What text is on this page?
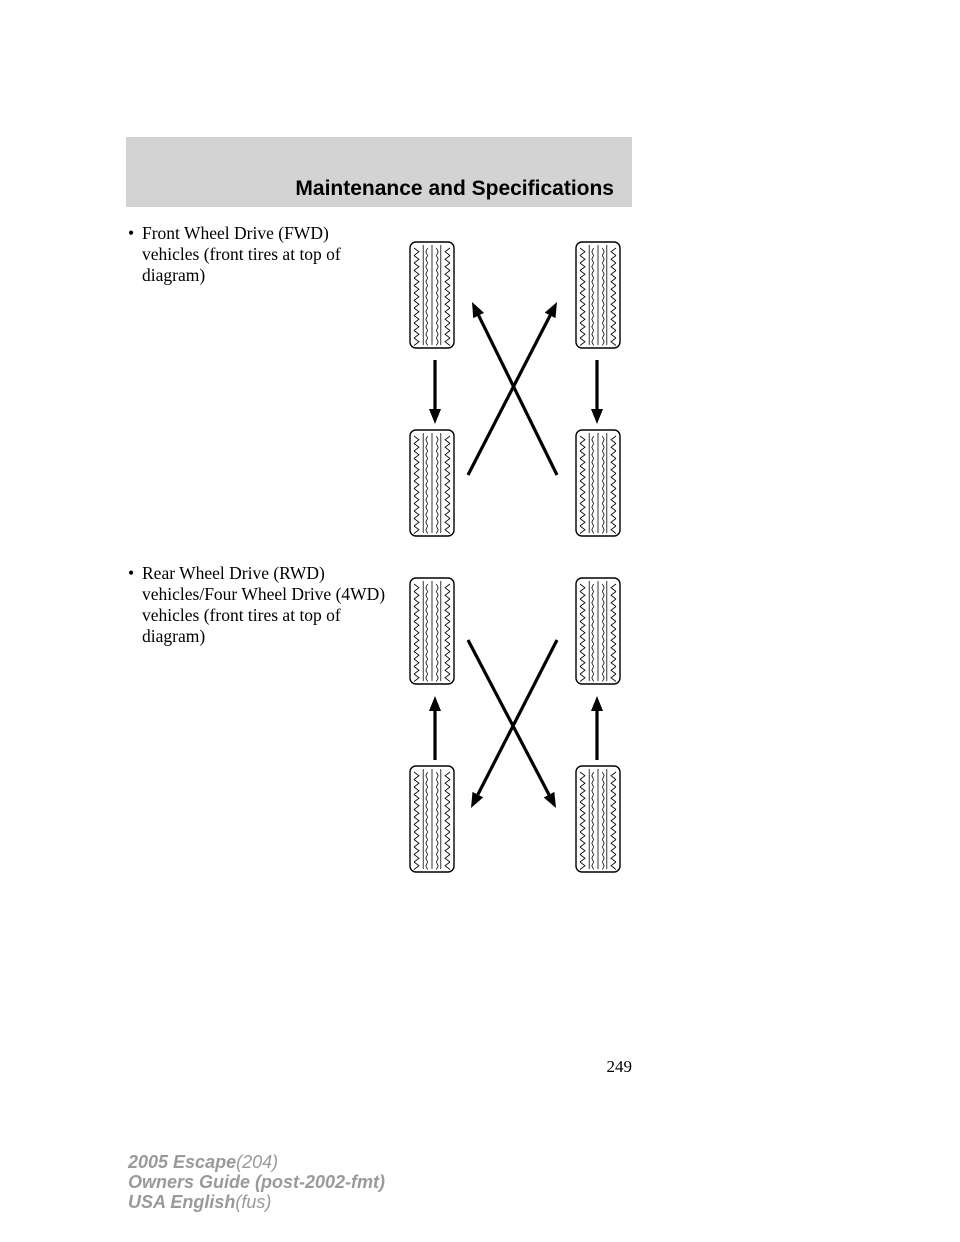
Maintenance and Specifications
• Front Wheel Drive (FWD)
vehicles (front tires at top of
diagram)
• Rear Wheel Drive (RWD)
vehicles/Four Wheel Drive (4WD)
vehicles (front tires at top of
diagram)
249
2005 Escape(204)
Owners Guide (post-2002-fmt)
USA English(fus)
